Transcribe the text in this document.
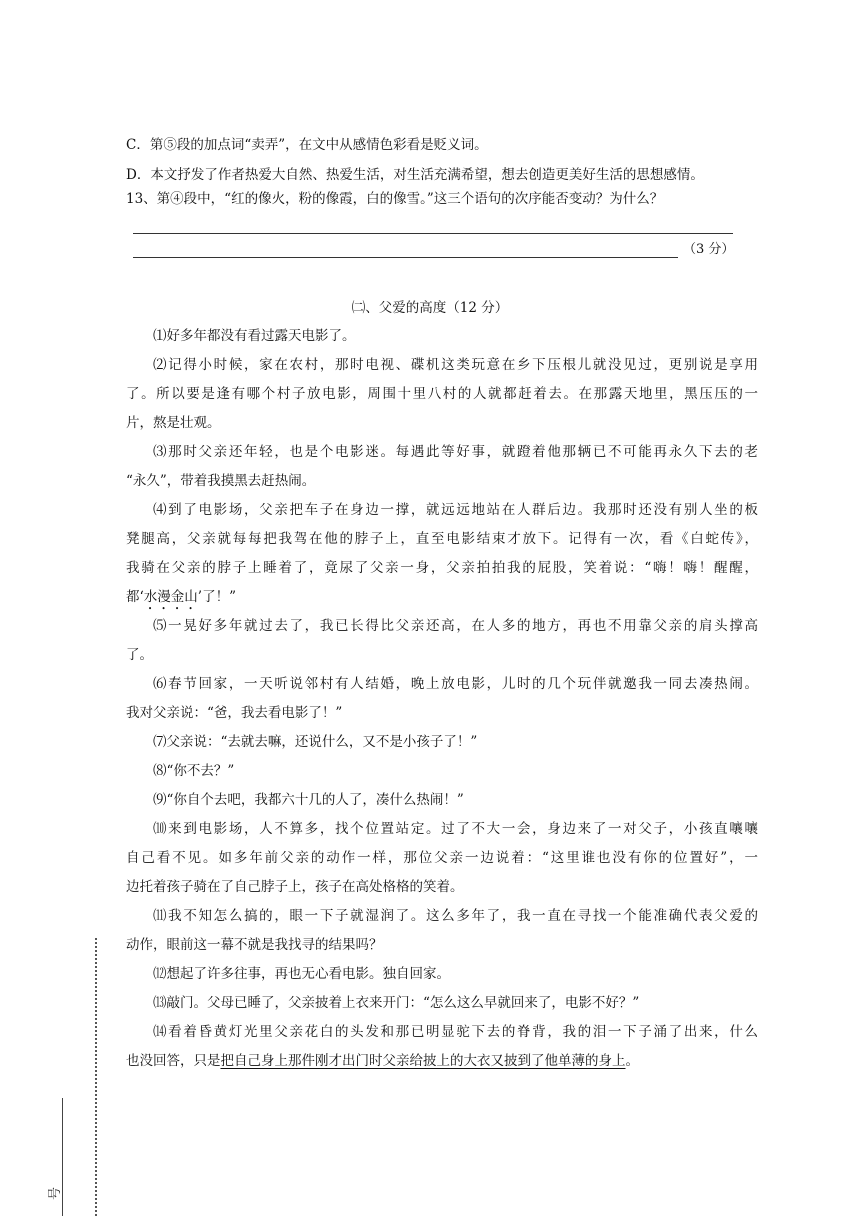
C．第⑤段的加点词“卖弄”，在文中从感情色彩看是贬义词。
D．本文抒发了作者热爱大自然、热爱生活，对生活充满希望，想去创造更美好生活的思想感情。
13、第④段中，“红的像火，粉的像霞，白的像雪。”这三个语句的次序能否变动？为什么？
（3 分）
㈡、父爱的高度（12 分）
⑴好多年都没有看过露天电影了。
⑵记得小时候，家在农村，那时电视、碟机这类玩意在乡下压根儿就没见过，更别说是享用
了。所以要是逢有哪个村子放电影，周围十里八村的人就都赶着去。在那露天地里，黑压压的一
片，熬是壮观。
⑶那时父亲还年轻，也是个电影迷。每遇此等好事，就蹬着他那辆已不可能再永久下去的老
“永久”，带着我摸黑去赶热闹。
⑷到了电影场，父亲把车子在身边一撑，就远远地站在人群后边。我那时还没有别人坐的板
凳腿高，父亲就每每把我驾在他的脖子上，直至电影结束才放下。记得有一次，看《白蛇传》，
我骑在父亲的脖子上睡着了，竟尿了父亲一身，父亲拍拍我的屁股，笑着说：“嗨！嗨！醒醒，
都‘水漫金山’了！”
⑸一晃好多年就过去了，我已长得比父亲还高，在人多的地方，再也不用靠父亲的肩头撑高
了。
⑹春节回家，一天听说邻村有人结婚，晚上放电影，儿时的几个玩伴就邀我一同去凑热闹。
我对父亲说：“爸，我去看电影了！”
⑺父亲说：“去就去嘛，还说什么，又不是小孩子了！”
⑻“你不去？”
⑼“你自个去吧，我都六十几的人了，凑什么热闹！”
⑽来到电影场，人不算多，找个位置站定。过了不大一会，身边来了一对父子，小孩直嚷嚷
自己看不见。如多年前父亲的动作一样，那位父亲一边说着：“这里谁也没有你的位置好”，一
边托着孩子骑在了自己脖子上，孩子在高处格格的笑着。
⑾我不知怎么搞的，眼一下子就湿润了。这么多年了，我一直在寻找一个能准确代表父爱的
动作，眼前这一幕不就是我找寻的结果吗？
⑿想起了许多往事，再也无心看电影。独自回家。
⒀敲门。父母已睡了，父亲披着上衣来开门：“怎么这么早就回来了，电影不好？”
⒁看着昏黄灯光里父亲花白的头发和那已明显驼下去的脊背，我的泪一下子涌了出来，什么
也没回答，只是把自己身上那件刚才出门时父亲给披上的大衣又披到了他单薄的身上。
号
